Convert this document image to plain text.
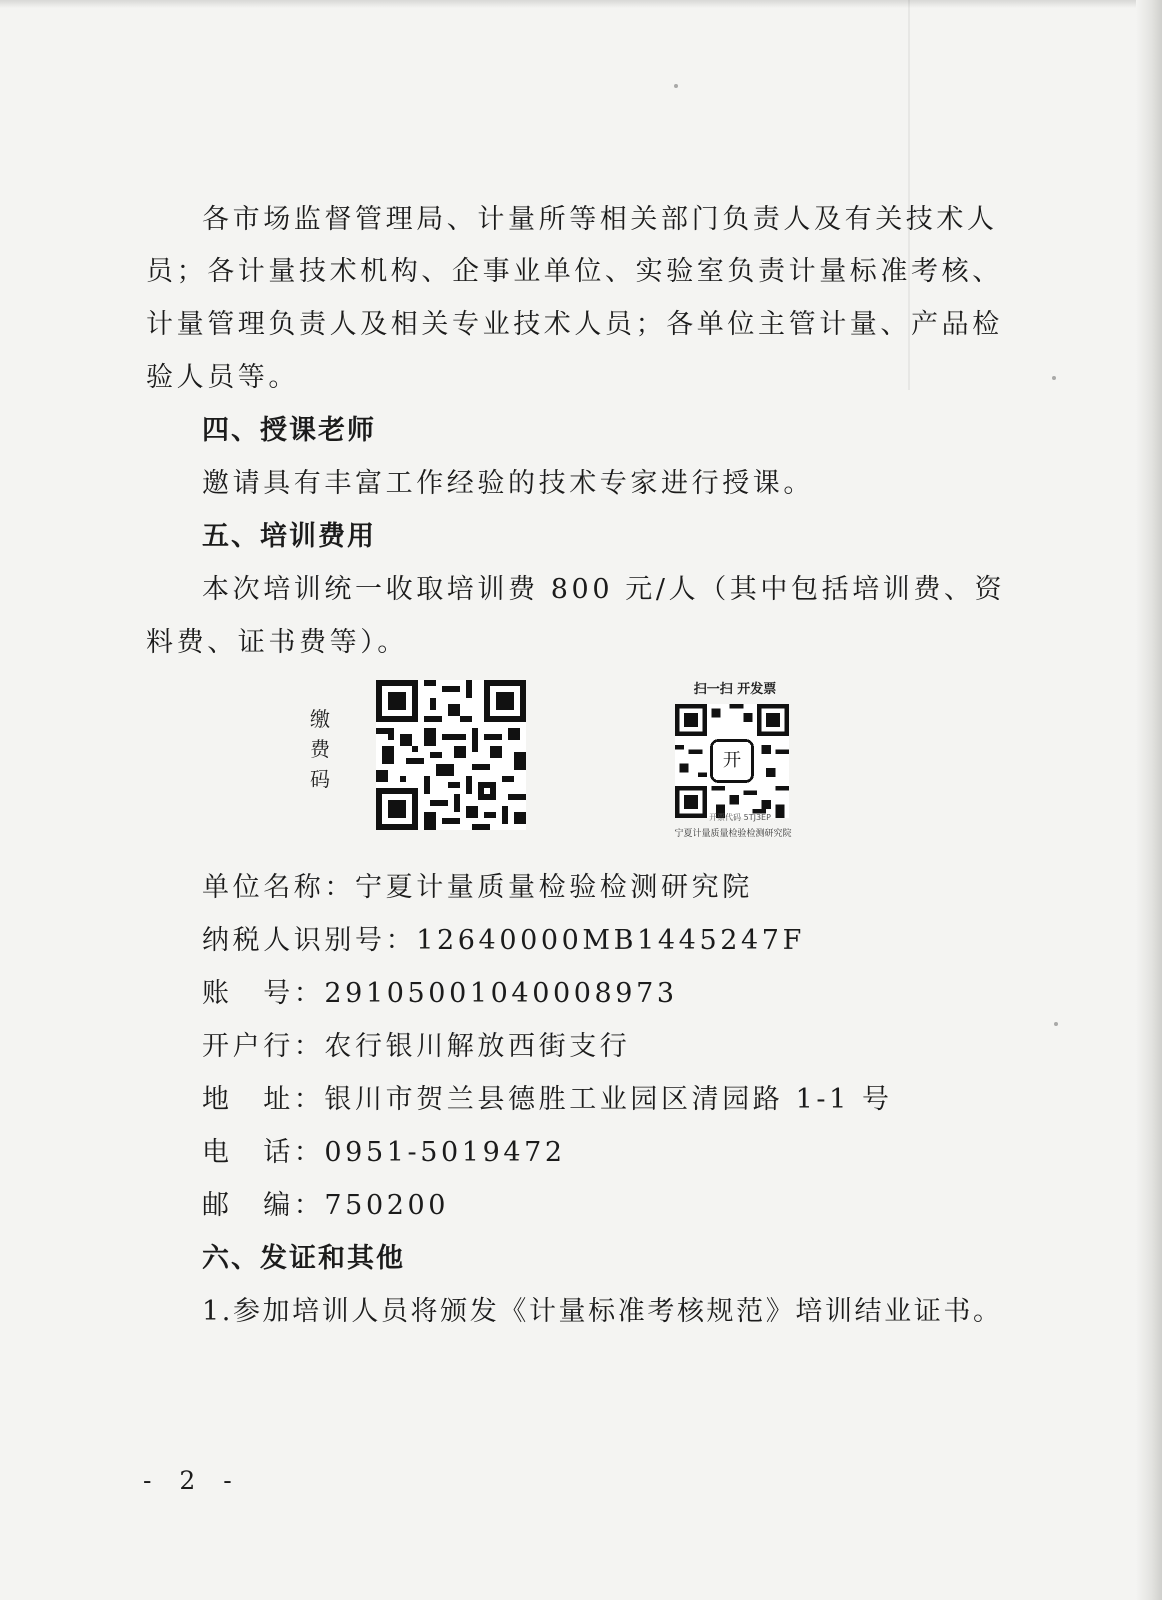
各市场监督管理局、计量所等相关部门负责人及有关技术人
员；各计量技术机构、企事业单位、实验室负责计量标准考核、
计量管理负责人及相关专业技术人员；各单位主管计量、产品检
验人员等。
四、授课老师
邀请具有丰富工作经验的技术专家进行授课。
五、培训费用
本次培训统一收取培训费 800 元/人（其中包括培训费、资
料费、证书费等）。
缴费码
扫一扫 开发票
开
开票代码 5TJ3EP
宁夏计量质量检验检测研究院
单位名称：宁夏计量质量检验检测研究院
纳税人识别号：12640000MB1445247F
账　号：29105001040008973
开户行：农行银川解放西街支行
地　址：银川市贺兰县德胜工业园区清园路 1-1 号
电　话：0951-5019472
邮　编：750200
六、发证和其他
1.参加培训人员将颁发《计量标准考核规范》培训结业证书。
- 2 -
